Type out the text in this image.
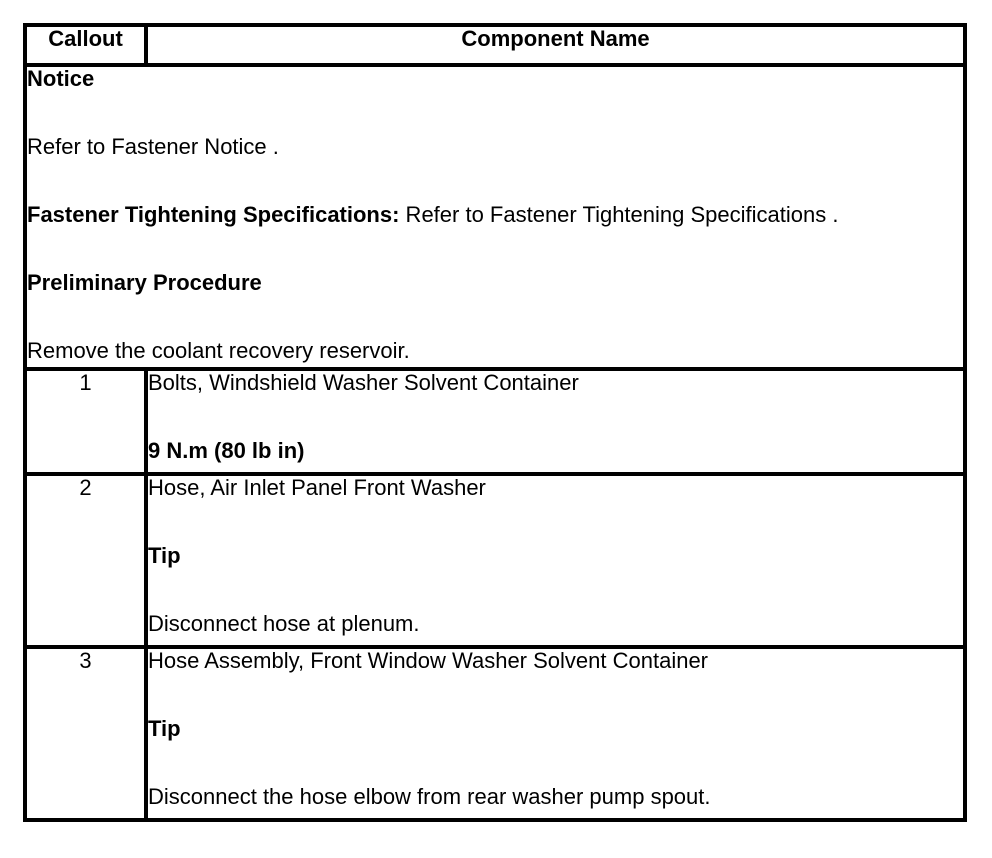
Callout	Component Name

Notice
Refer to Fastener Notice .
Fastener Tightening Specifications: Refer to Fastener Tightening Specifications .
Preliminary Procedure
Remove the coolant recovery reservoir.	

1	Bolts, Windshield Washer Solvent Container
9 N.m (80 lb in)

2	Hose, Air Inlet Panel Front Washer
Tip
Disconnect hose at plenum.

3	Hose Assembly, Front Window Washer Solvent Container
Tip
Disconnect the hose elbow from rear washer pump spout.
